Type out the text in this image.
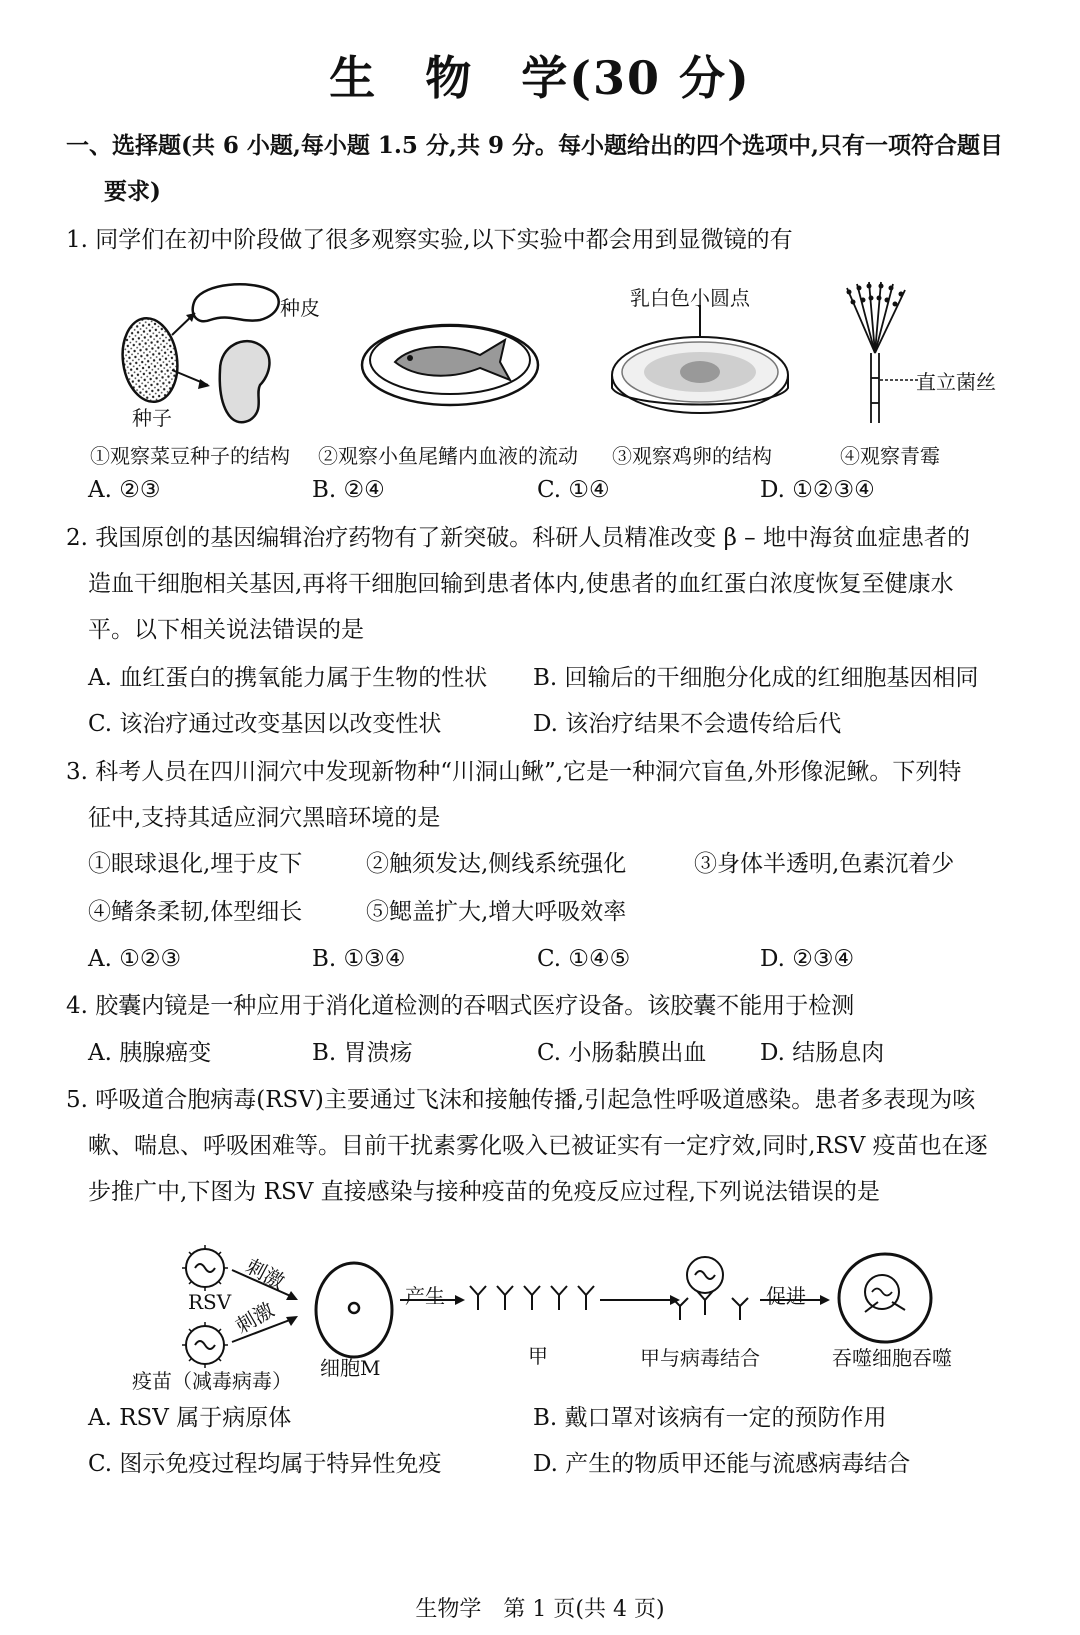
生　物　学(30 分)
一、选择题(共 6 小题,每小题 1.5 分,共 9 分。每小题给出的四个选项中,只有一项符合题目
要求)
1. 同学们在初中阶段做了很多观察实验,以下实验中都会用到显微镜的有
种皮
种子
乳白色小圆点
直立菌丝
①观察菜豆种子的结构 ②观察小鱼尾鳍内血液的流动 ③观察鸡卵的结构	④观察青霉
A. ②③	B. ②④	C. ①④	D. ①②③④
2. 我国原创的基因编辑治疗药物有了新突破。科研人员精准改变 β – 地中海贫血症患者的
造血干细胞相关基因,再将干细胞回输到患者体内,使患者的血红蛋白浓度恢复至健康水
平。以下相关说法错误的是
A. 血红蛋白的携氧能力属于生物的性状 B. 回输后的干细胞分化成的红细胞基因相同
C. 该治疗通过改变基因以改变性状	D. 该治疗结果不会遗传给后代
3. 科考人员在四川洞穴中发现新物种“川洞山鳅”,它是一种洞穴盲鱼,外形像泥鳅。下列特
征中,支持其适应洞穴黑暗环境的是
①眼球退化,埋于皮下	②触须发达,侧线系统强化	③身体半透明,色素沉着少
④鳍条柔韧,体型细长	⑤鳃盖扩大,增大呼吸效率
A. ①②③	B. ①③④	C. ①④⑤	D. ②③④
4. 胶囊内镜是一种应用于消化道检测的吞咽式医疗设备。该胶囊不能用于检测
A. 胰腺癌变	B. 胃溃疡	C. 小肠黏膜出血 D. 结肠息肉
5. 呼吸道合胞病毒(RSV)主要通过飞沫和接触传播,引起急性呼吸道感染。患者多表现为咳
嗽、喘息、呼吸困难等。目前干扰素雾化吸入已被证实有一定疗效,同时,RSV 疫苗也在逐
步推广中,下图为 RSV 直接感染与接种疫苗的免疫反应过程,下列说法错误的是
刺激
刺激
RSV
疫苗（减毒病毒）
细胞M
产生
甲	甲与病毒结合
促进
吞噬细胞吞噬
A. RSV 属于病原体	B. 戴口罩对该病有一定的预防作用
C. 图示免疫过程均属于特异性免疫	D. 产生的物质甲还能与流感病毒结合
生物学　第 1 页(共 4 页)
